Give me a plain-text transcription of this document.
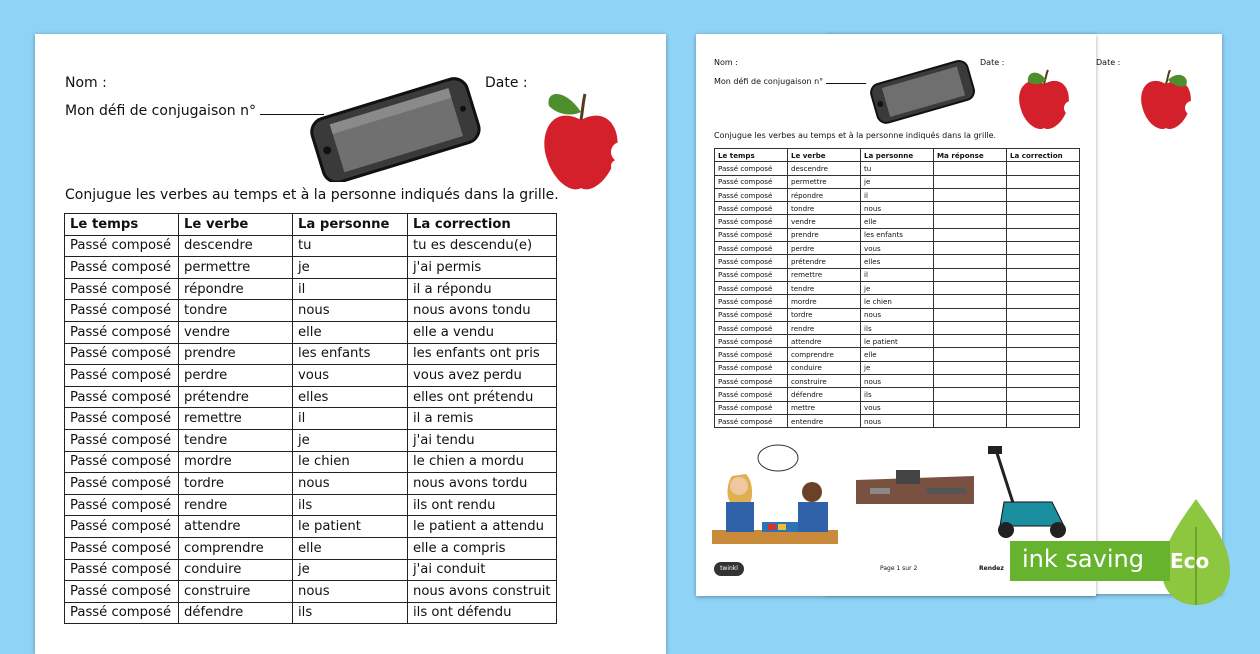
Date :

Nom :	Date :
Mon défi de conjugaison n°
Conjugue les verbes au temps et à la personne indiqués dans la grille.
Le temps	Le verbe	La personne	Ma réponse	La correction
Passé composé	descendre	tu		
Passé composé	permettre	je		
Passé composé	répondre	il		
Passé composé	tondre	nous		
Passé composé	vendre	elle		
Passé composé	prendre	les enfants		
Passé composé	perdre	vous		
Passé composé	prétendre	elles		
Passé composé	remettre	il		
Passé composé	tendre	je		
Passé composé	mordre	le chien		
Passé composé	tordre	nous		
Passé composé	rendre	ils		
Passé composé	attendre	le patient		
Passé composé	comprendre	elle		
Passé composé	conduire	je		
Passé composé	construire	nous		
Passé composé	défendre	ils		
Passé composé	mettre	vous		
Passé composé	entendre	nous		
twinkl	Page 1 sur 2	Rendez
Nom :	Date :
Mon défi de conjugaison n°
Conjugue les verbes au temps et à la personne indiqués dans la grille.
Le temps	Le verbe	La personne	La correction
Passé composé	descendre	tu	tu es descendu(e)
Passé composé	permettre	je	j'ai permis
Passé composé	répondre	il	il a répondu
Passé composé	tondre	nous	nous avons tondu
Passé composé	vendre	elle	elle a vendu
Passé composé	prendre	les enfants	les enfants ont pris
Passé composé	perdre	vous	vous avez perdu
Passé composé	prétendre	elles	elles ont prétendu
Passé composé	remettre	il	il a remis
Passé composé	tendre	je	j'ai tendu
Passé composé	mordre	le chien	le chien a mordu
Passé composé	tordre	nous	nous avons tordu
Passé composé	rendre	ils	ils ont rendu
Passé composé	attendre	le patient	le patient a attendu
Passé composé	comprendre	elle	elle a compris
Passé composé	conduire	je	j'ai conduit
Passé composé	construire	nous	nous avons construit
Passé composé	défendre	ils	ils ont défendu
ink saving Eco
